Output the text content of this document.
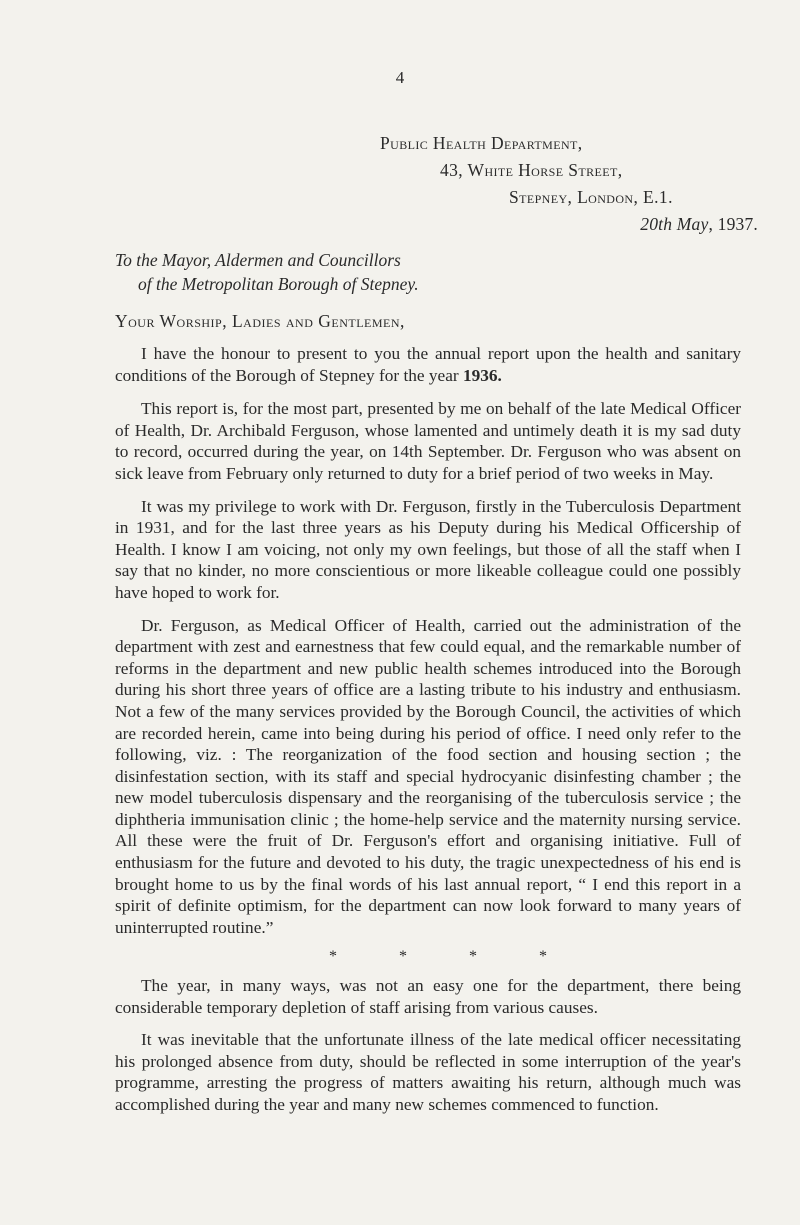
4
Public Health Department,
43, White Horse Street,
Stepney, London, E.1.
20th May, 1937.
To the Mayor, Aldermen and Councillors
of the Metropolitan Borough of Stepney.
Your Worship, Ladies and Gentlemen,

I have the honour to present to you the annual report upon the health and sanitary conditions of the Borough of Stepney for the year 1936.

This report is, for the most part, presented by me on behalf of the late Medical Officer of Health, Dr. Archibald Ferguson, whose lamented and untimely death it is my sad duty to record, occurred during the year, on 14th September. Dr. Ferguson who was absent on sick leave from February only returned to duty for a brief period of two weeks in May.

It was my privilege to work with Dr. Ferguson, firstly in the Tuberculosis Department in 1931, and for the last three years as his Deputy during his Medical Officership of Health. I know I am voicing, not only my own feelings, but those of all the staff when I say that no kinder, no more conscientious or more likeable colleague could one possibly have hoped to work for.

Dr. Ferguson, as Medical Officer of Health, carried out the administration of the department with zest and earnestness that few could equal, and the remarkable number of reforms in the department and new public health schemes introduced into the Borough during his short three years of office are a lasting tribute to his industry and enthusiasm. Not a few of the many services provided by the Borough Council, the activities of which are recorded herein, came into being during his period of office. I need only refer to the following, viz. : The reorganization of the food section and housing section ; the disinfestation section, with its staff and special hydrocyanic disinfesting chamber ; the new model tuberculosis dispensary and the reorganising of the tuberculosis service ; the diphtheria immunisation clinic ; the home-help service and the maternity nursing service. All these were the fruit of Dr. Ferguson's effort and organising initiative. Full of enthusiasm for the future and devoted to his duty, the tragic unexpectedness of his end is brought home to us by the final words of his last annual report, “ I end this report in a spirit of definite optimism, for the department can now look forward to many years of uninterrupted routine.”

* * * *

The year, in many ways, was not an easy one for the department, there being considerable temporary depletion of staff arising from various causes.

It was inevitable that the unfortunate illness of the late medical officer necessitating his prolonged absence from duty, should be reflected in some interruption of the year's programme, arresting the progress of matters awaiting his return, although much was accomplished during the year and many new schemes commenced to function.
